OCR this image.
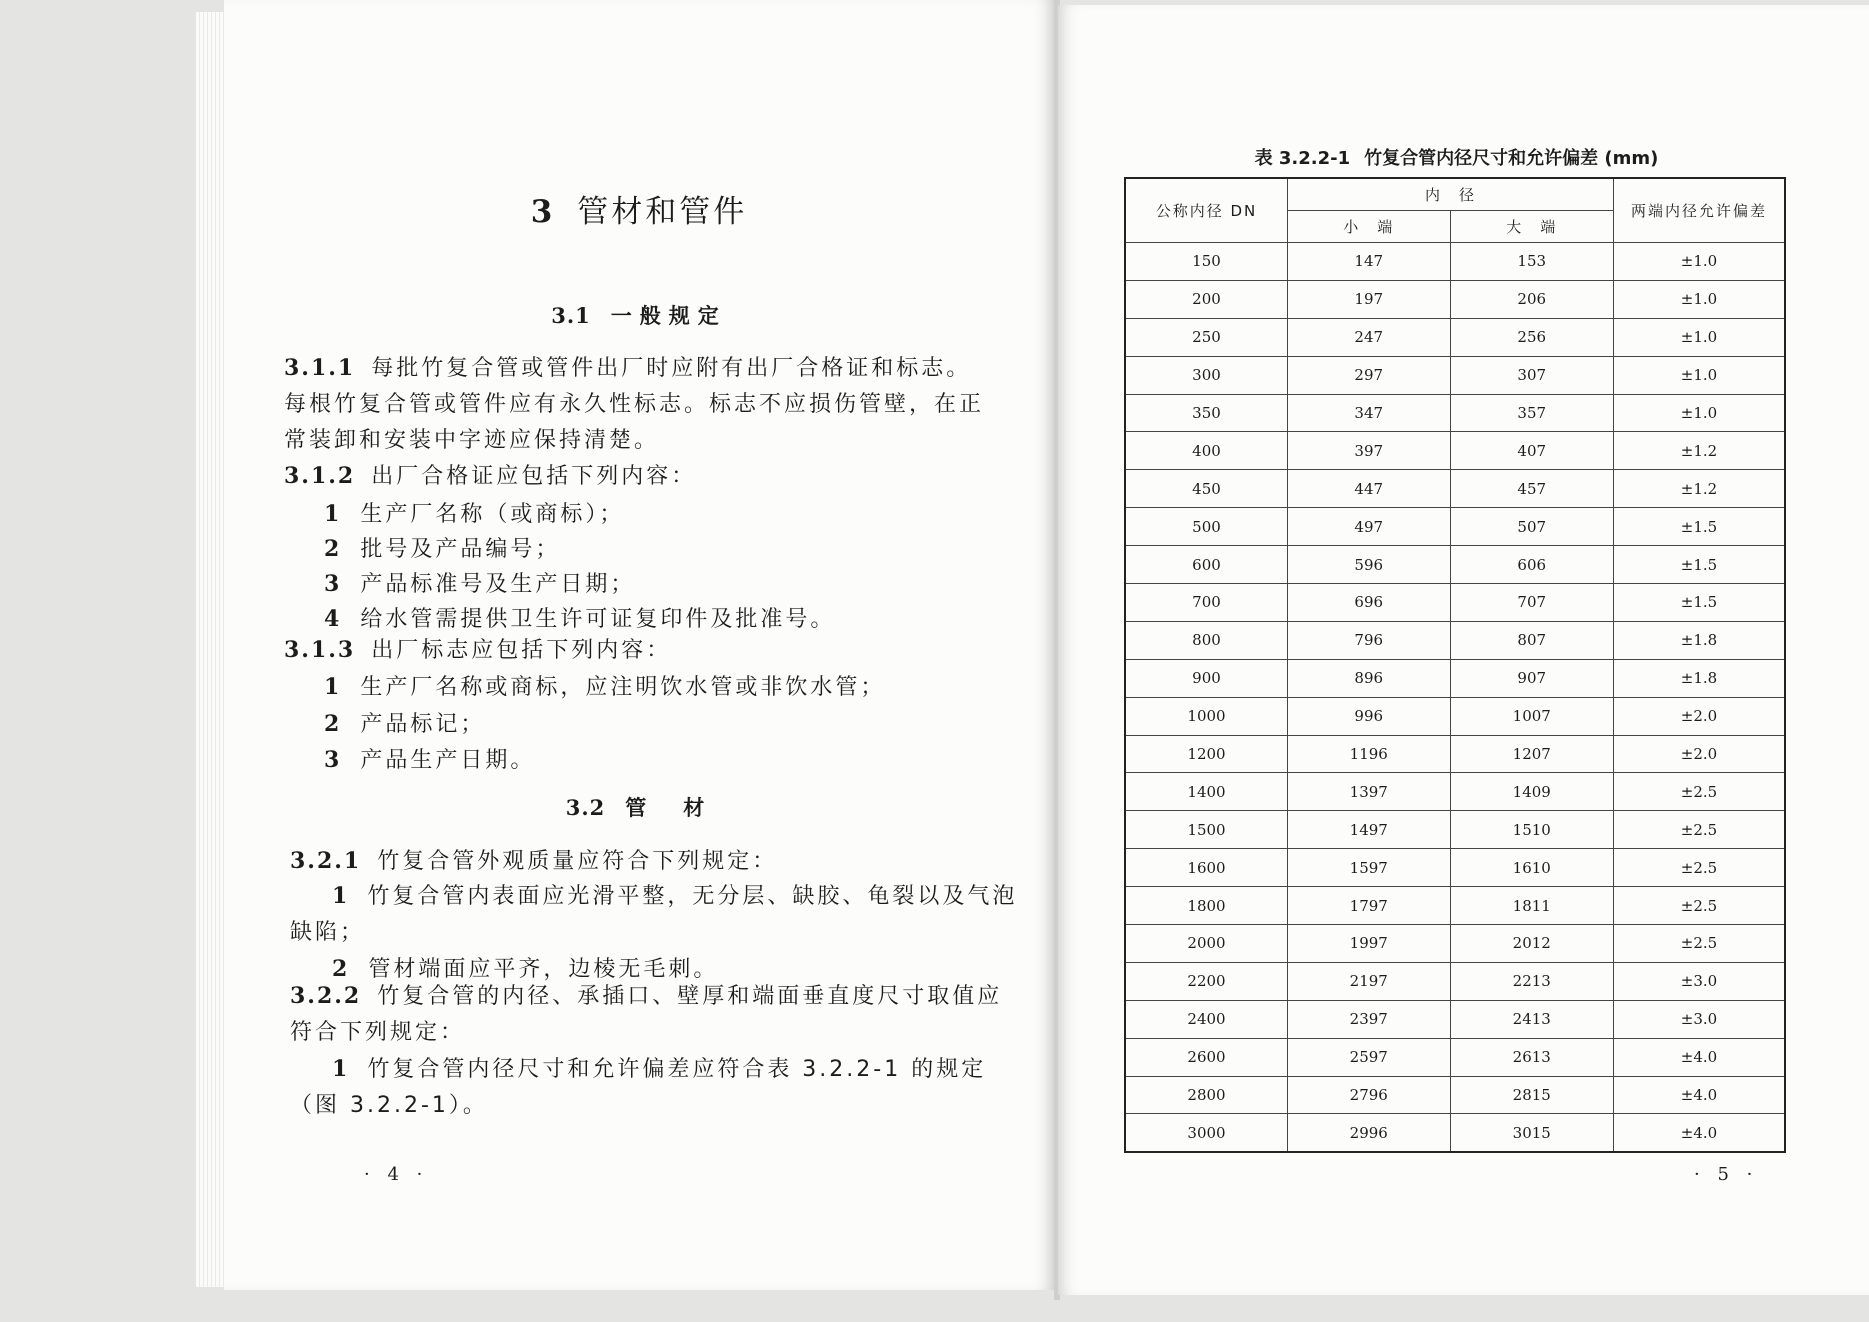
3 管材和管件
3.1 一般规定
3.1.1 每批竹复合管或管件出厂时应附有出厂合格证和标志。
每根竹复合管或管件应有永久性标志。标志不应损伤管壁，在正
常装卸和安装中字迹应保持清楚。
3.1.2 出厂合格证应包括下列内容：
1 生产厂名称（或商标）；
2 批号及产品编号；
3 产品标准号及生产日期；
4 给水管需提供卫生许可证复印件及批准号。
3.1.3 出厂标志应包括下列内容：
1 生产厂名称或商标，应注明饮水管或非饮水管；
2 产品标记；
3 产品生产日期。
3.2 管　材
3.2.1 竹复合管外观质量应符合下列规定：
1 竹复合管内表面应光滑平整，无分层、缺胶、龟裂以及气泡
缺陷；
2 管材端面应平齐，边棱无毛刺。
3.2.2 竹复合管的内径、承插口、壁厚和端面垂直度尺寸取值应
符合下列规定：
1 竹复合管内径尺寸和允许偏差应符合表 3.2.2-1 的规定
（图 3.2.2-1）。
· 4 ·
表 3.2.2-1 竹复合管内径尺寸和允许偏差 (mm)
公称内径 DN	内　径		两端内径允许偏差
	小　端	大　端	
150	147	153	±1.0
200	197	206	±1.0
250	247	256	±1.0
300	297	307	±1.0
350	347	357	±1.0
400	397	407	±1.2
450	447	457	±1.2
500	497	507	±1.5
600	596	606	±1.5
700	696	707	±1.5
800	796	807	±1.8
900	896	907	±1.8
1000	996	1007	±2.0
1200	1196	1207	±2.0
1400	1397	1409	±2.5
1500	1497	1510	±2.5
1600	1597	1610	±2.5
1800	1797	1811	±2.5
2000	1997	2012	±2.5
2200	2197	2213	±3.0
2400	2397	2413	±3.0
2600	2597	2613	±4.0
2800	2796	2815	±4.0
3000	2996	3015	±4.0
· 5 ·
